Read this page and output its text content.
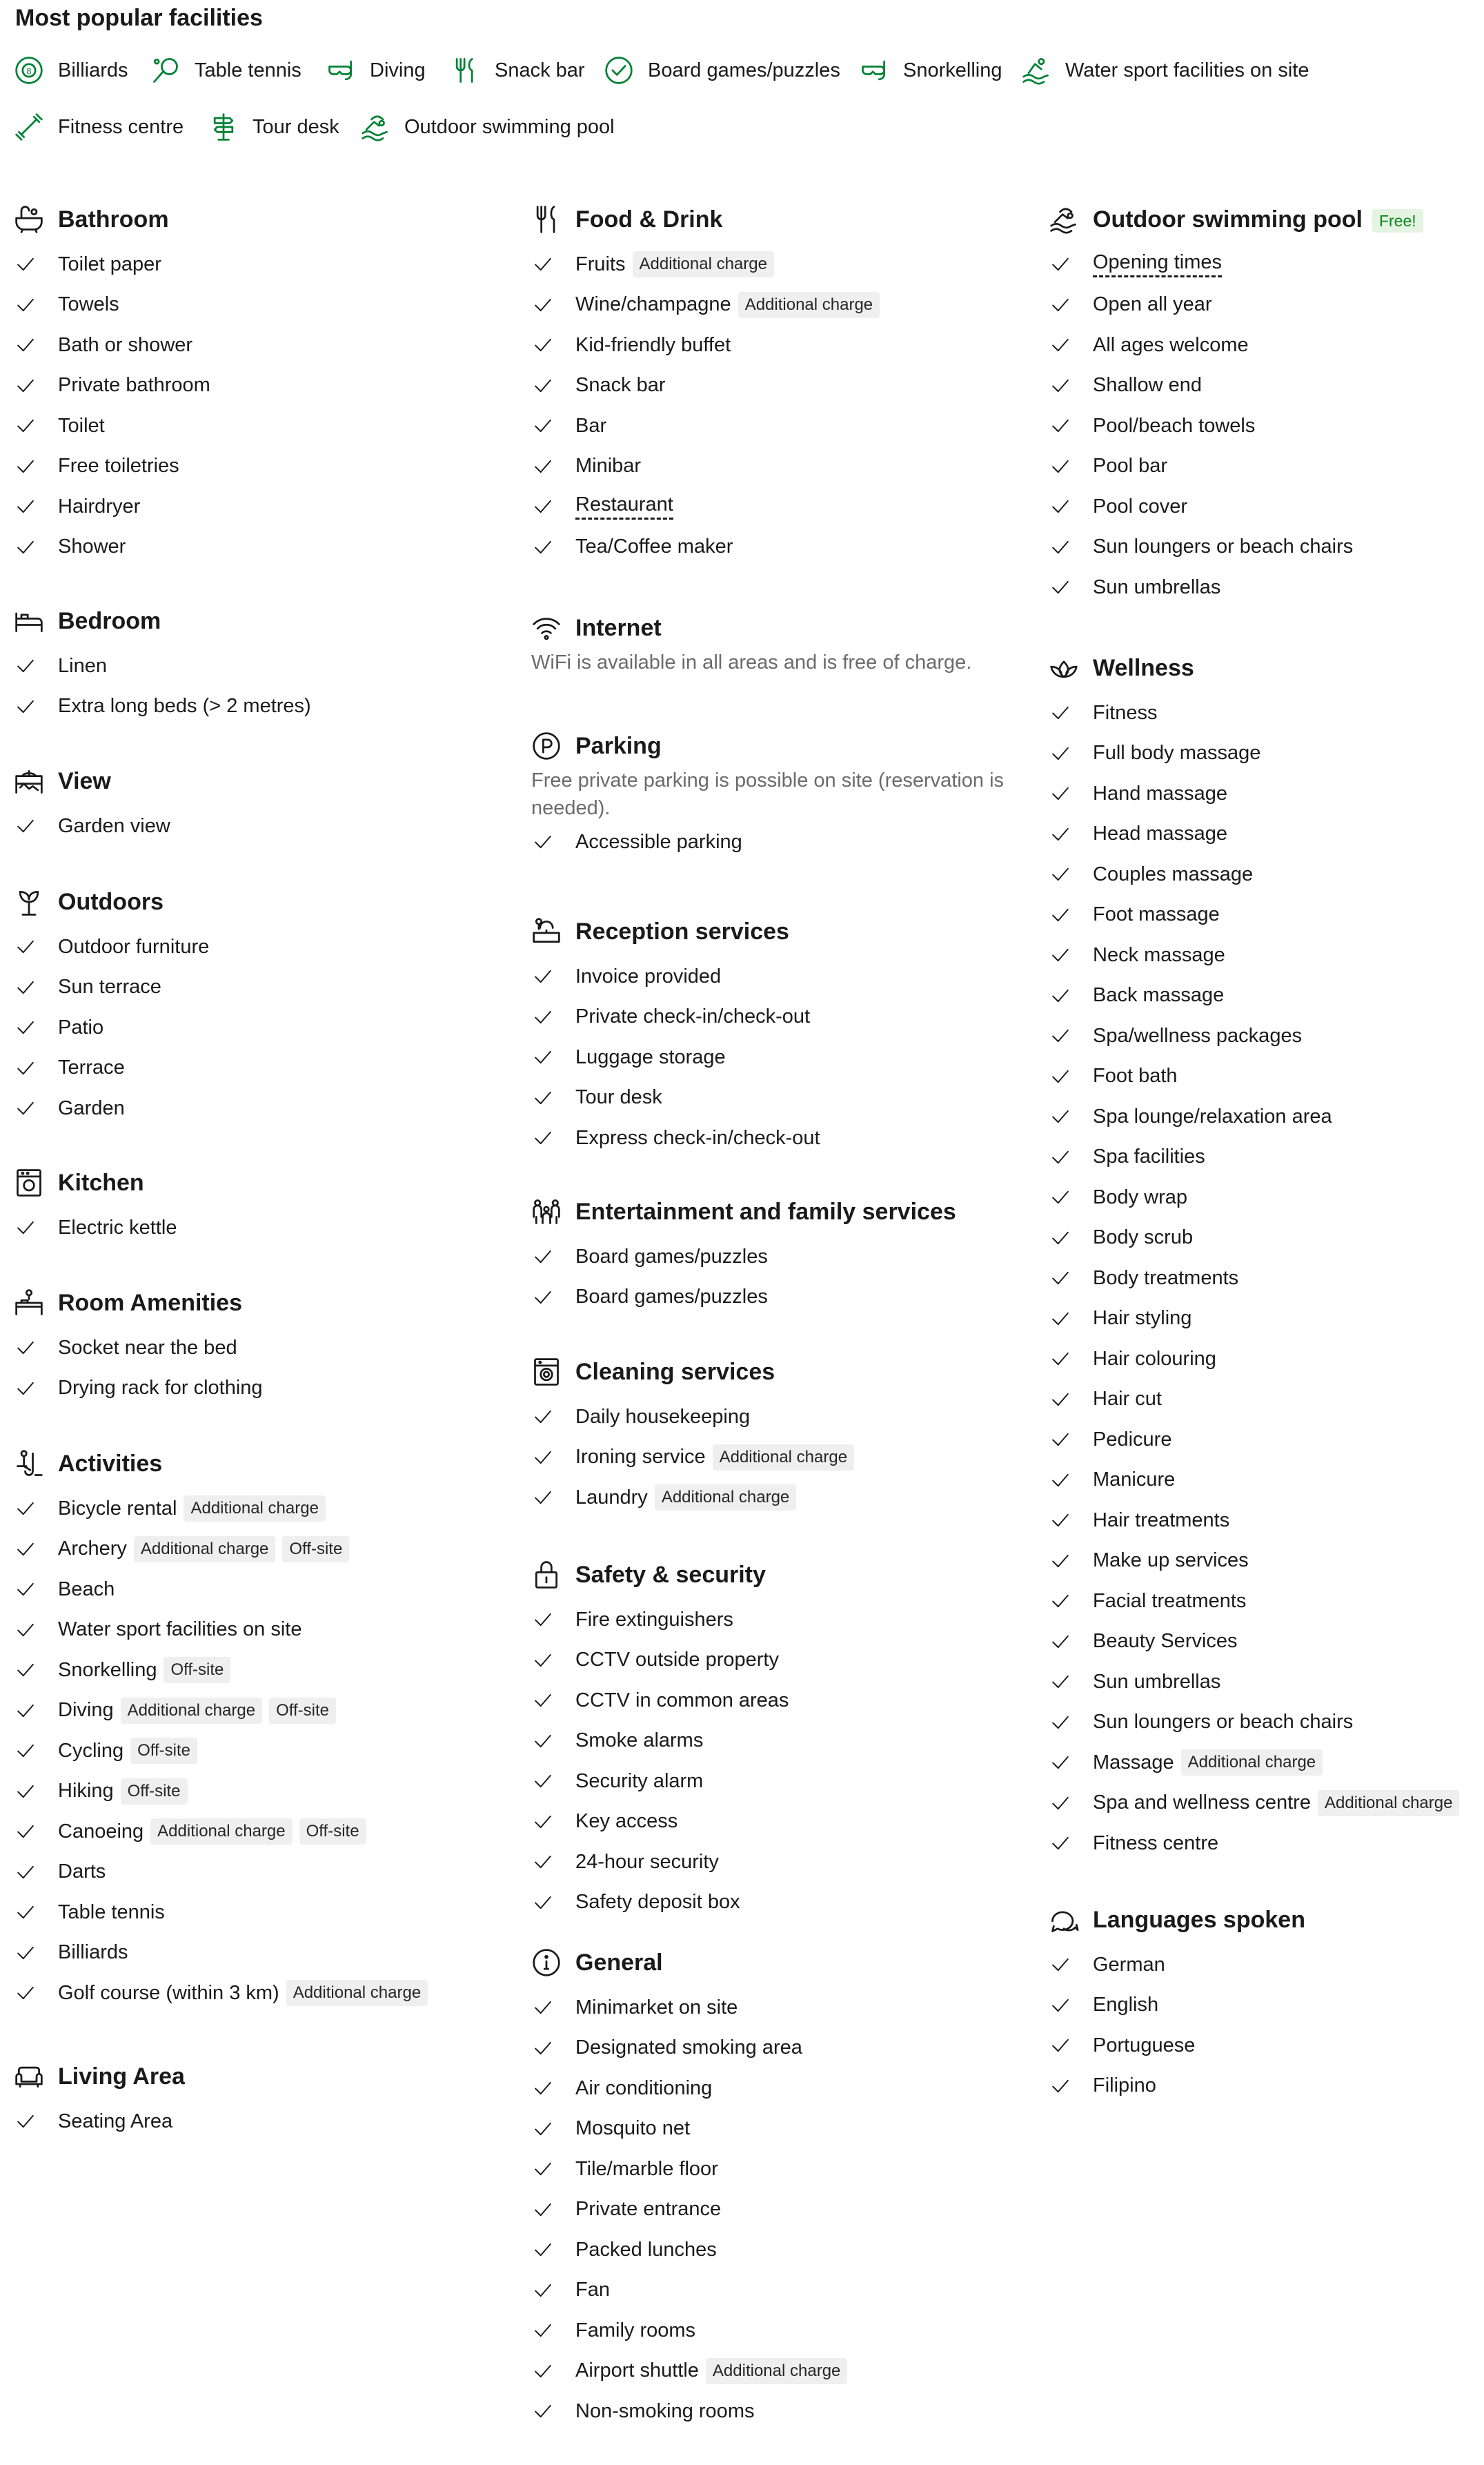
Most popular facilities
8 Billiards	Table tennis	Diving	Snack bar	Board games/puzzles	Snorkelling	Water sport facilities on site
Fitness centre	Tour desk	Outdoor swimming pool
Bathroom
Toilet paper
Towels
Bath or shower
Private bathroom
Toilet
Free toiletries
Hairdryer
Shower
Bedroom
Linen
Extra long beds (> 2 metres)
View
Garden view
Outdoors
Outdoor furniture
Sun terrace
Patio
Terrace
Garden
Kitchen
Electric kettle
Room Amenities
Socket near the bed
Drying rack for clothing
Activities
Bicycle rental Additional charge
Archery Additional charge	Off-site
Beach
Water sport facilities on site
Snorkelling Off-site
Diving Additional charge	Off-site
Cycling Off-site
Hiking Off-site
Canoeing Additional charge	Off-site
Darts
Table tennis
Billiards
Golf course (within 3 km) Additional charge
Living Area
Seating Area
Food & Drink
Fruits Additional charge
Wine/champagne Additional charge
Kid-friendly buffet
Snack bar
Bar
Minibar
Restaurant
Tea/Coffee maker
Internet
WiFi is available in all areas and is free of charge.
Parking
Free private parking is possible on site (reservation is needed).
Accessible parking
Reception services
Invoice provided
Private check-in/check-out
Luggage storage
Tour desk
Express check-in/check-out
Entertainment and family services
Board games/puzzles
Board games/puzzles
Cleaning services
Daily housekeeping
Ironing service Additional charge
Laundry Additional charge
Safety & security
Fire extinguishers
CCTV outside property
CCTV in common areas
Smoke alarms
Security alarm
Key access
24-hour security
Safety deposit box
General
Minimarket on site
Designated smoking area
Air conditioning
Mosquito net
Tile/marble floor
Private entrance
Packed lunches
Fan
Family rooms
Airport shuttle Additional charge
Non-smoking rooms
Outdoor swimming pool Free!
Opening times
Open all year
All ages welcome
Shallow end
Pool/beach towels
Pool bar
Pool cover
Sun loungers or beach chairs
Sun umbrellas
Wellness
Fitness
Full body massage
Hand massage
Head massage
Couples massage
Foot massage
Neck massage
Back massage
Spa/wellness packages
Foot bath
Spa lounge/relaxation area
Spa facilities
Body wrap
Body scrub
Body treatments
Hair styling
Hair colouring
Hair cut
Pedicure
Manicure
Hair treatments
Make up services
Facial treatments
Beauty Services
Sun umbrellas
Sun loungers or beach chairs
Massage Additional charge
Spa and wellness centre Additional charge
Fitness centre
Languages spoken
German
English
Portuguese
Filipino
